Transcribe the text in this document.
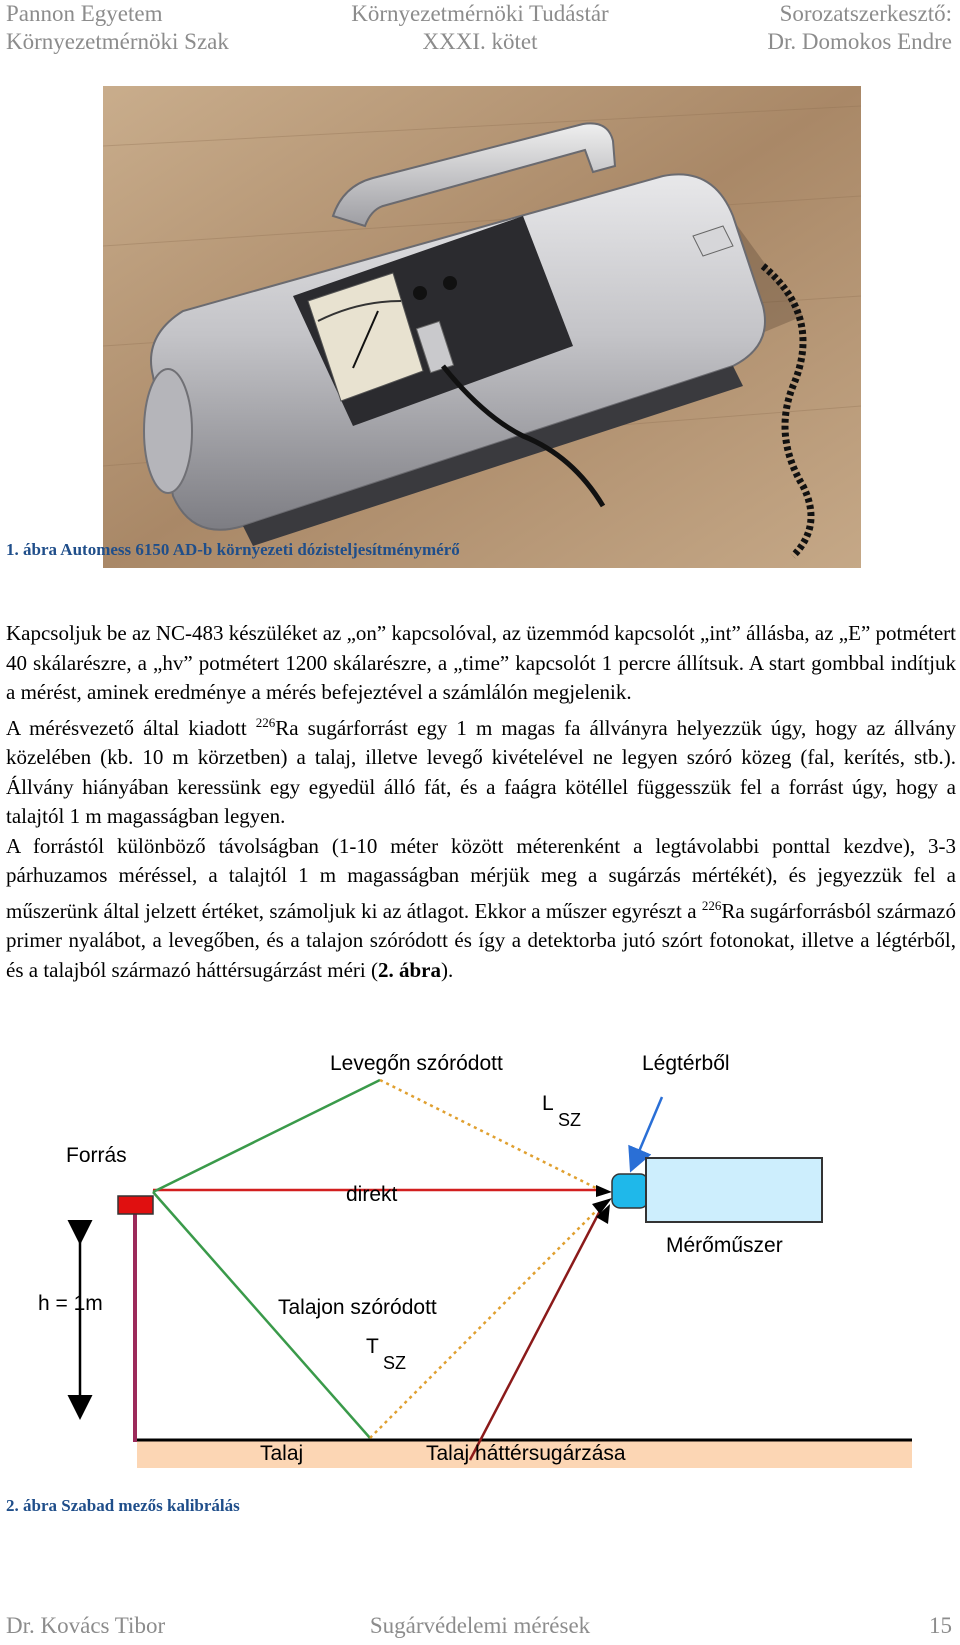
Pannon Egyetem
Környezetmérnöki Szak
Környezetmérnöki Tudástár
XXXI. kötet
Sorozatszerkesztő:
Dr. Domokos Endre
1. ábra Automess 6150 AD-b környezeti dózisteljesítménymérő

Kapcsoljuk be az NC-483 készüléket az „on” kapcsolóval, az üzemmód kapcsolót „int” állásba, az „E” potmétert 40 skálarészre, a „hv” potmétert 1200 skálarészre, a „time” kapcsolót 1 percre állítsuk. A start gombbal indítjuk a mérést, aminek eredménye a mérés befejeztével a számlálón megjelenik.

A mérésvezető által kiadott $^{226}$Ra sugárforrást egy 1 m magas fa állványra helyezzük úgy, hogy az állvány közelében (kb. 10 m körzetben) a talaj, illetve levegő kivételével ne legyen szóró közeg (fal, kerítés, stb.). Állvány hiányában keressünk egy egyedül álló fát, és a faágra kötéllel függesszük fel a forrást úgy, hogy a talajtól 1 m magasságban legyen.

A forrástól különböző távolságban (1-10 méter között méterenként a legtávolabbi ponttal kezdve), 3-3 párhuzamos méréssel, a talajtól 1 m magasságban mérjük meg a sugárzás mértékét), és jegyezzük fel a műszerünk által jelzett értéket, számoljuk ki az átlagot. Ekkor a műszer egyrészt a $^{226}$Ra sugárforrásból származó primer nyalábot, a levegőben, és a talajon szóródott és így a detektorba jutó szórt fotonokat, illetve a légtérből, és a talajból származó háttérsugárzást méri (2. ábra).

Levegőn szóródott	Légtérből
L
SZ
Forrás
direkt
Mérőműszer
h = 1m	Talajon szóródott
T
SZ
Talaj	Talaj háttérsugárzása
2. ábra Szabad mezős kalibrálás
Dr. Kovács Tibor	Sugárvédelemi mérések	15
